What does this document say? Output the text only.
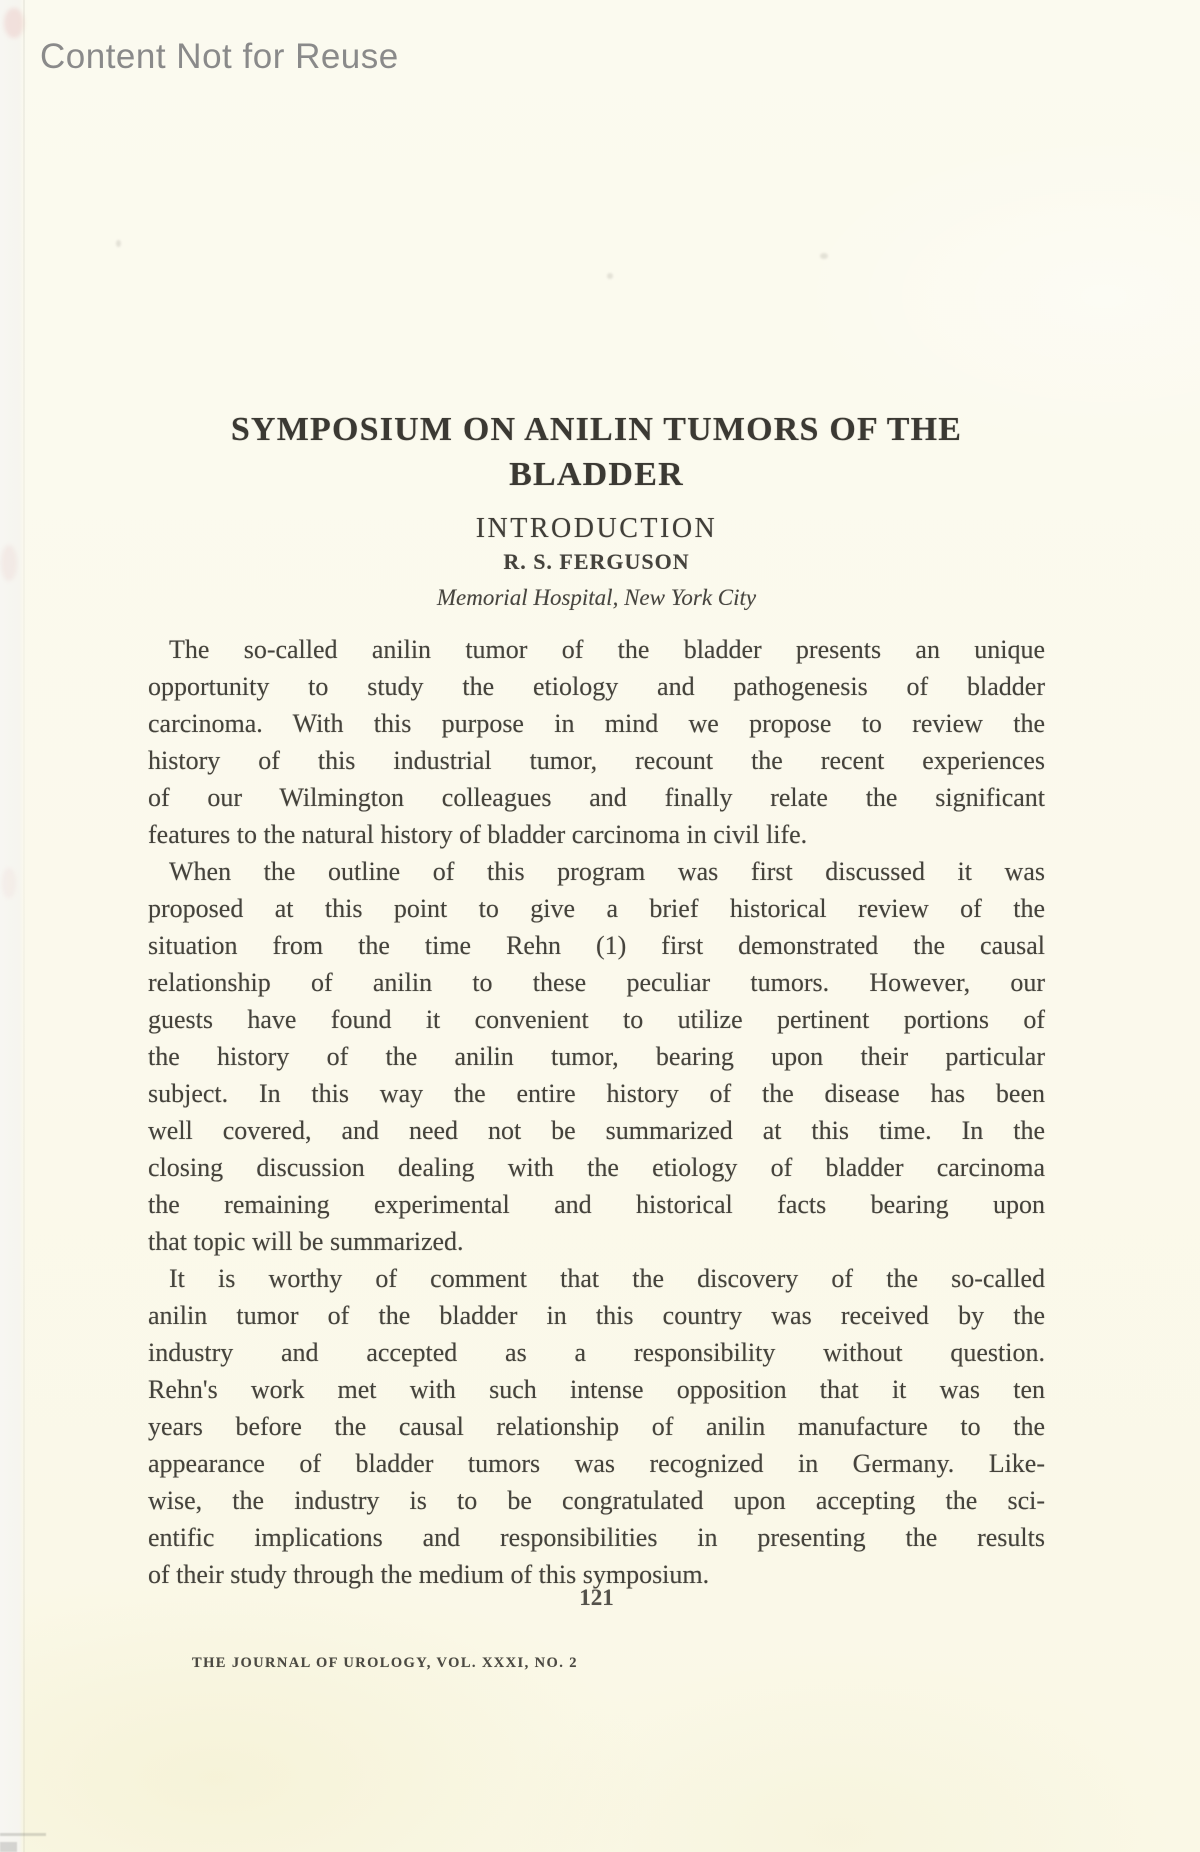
Content Not for Reuse
SYMPOSIUM ON ANILIN TUMORS OF THE
BLADDER
INTRODUCTION
R. S. FERGUSON
Memorial Hospital, New York City
The so-called anilin tumor of the bladder presents an unique
opportunity to study the etiology and pathogenesis of bladder
carcinoma. With this purpose in mind we propose to review the
history of this industrial tumor, recount the recent experiences
of our Wilmington colleagues and finally relate the significant
features to the natural history of bladder carcinoma in civil life.
When the outline of this program was first discussed it was
proposed at this point to give a brief historical review of the
situation from the time Rehn (1) first demonstrated the causal
relationship of anilin to these peculiar tumors. However, our
guests have found it convenient to utilize pertinent portions of
the history of the anilin tumor, bearing upon their particular
subject. In this way the entire history of the disease has been
well covered, and need not be summarized at this time. In the
closing discussion dealing with the etiology of bladder carcinoma
the remaining experimental and historical facts bearing upon
that topic will be summarized.
It is worthy of comment that the discovery of the so-called
anilin tumor of the bladder in this country was received by the
industry and accepted as a responsibility without question.
Rehn's work met with such intense opposition that it was ten
years before the causal relationship of anilin manufacture to the
appearance of bladder tumors was recognized in Germany. Like-
wise, the industry is to be congratulated upon accepting the sci-
entific implications and responsibilities in presenting the results
of their study through the medium of this symposium.
121
THE JOURNAL OF UROLOGY, VOL. XXXI, NO. 2
